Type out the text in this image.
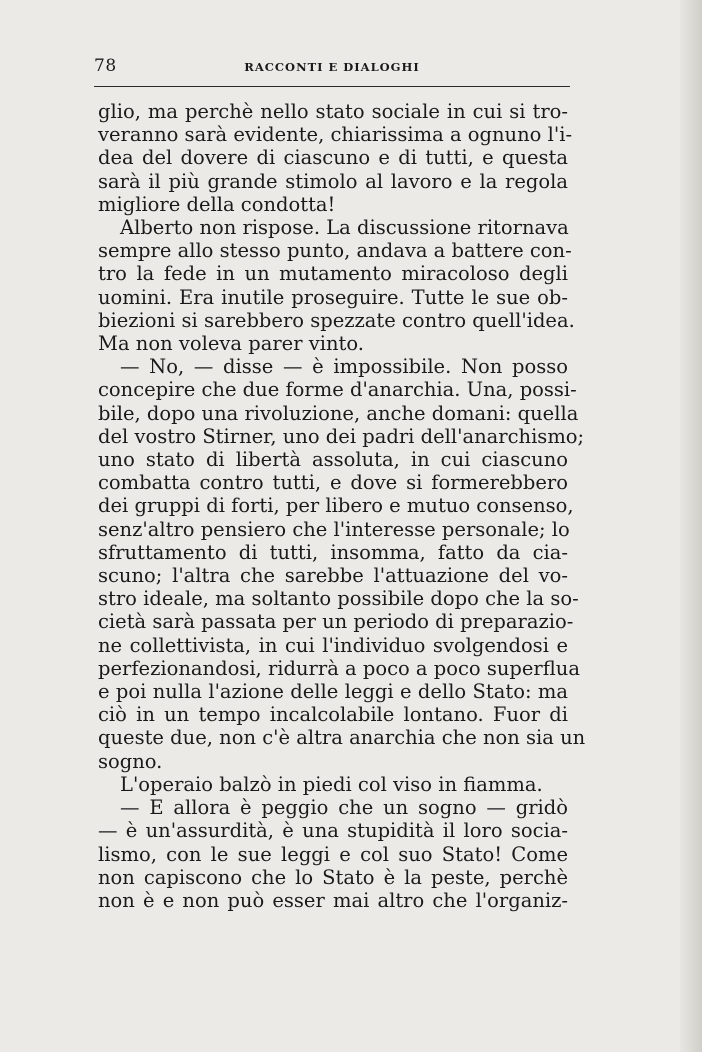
78	RACCONTI E DIALOGHI
glio, ma perchè nello stato sociale in cui si tro-
veranno sarà evidente, chiarissima a ognuno l'i-
dea del dovere di ciascuno e di tutti, e questa
sarà il più grande stimolo al lavoro e la regola
migliore della condotta!
Alberto non rispose. La discussione ritornava
sempre allo stesso punto, andava a battere con-
tro la fede in un mutamento miracoloso degli
uomini. Era inutile proseguire. Tutte le sue ob-
biezioni si sarebbero spezzate contro quell'idea.
Ma non voleva parer vinto.
— No, — disse — è impossibile. Non posso
concepire che due forme d'anarchia. Una, possi-
bile, dopo una rivoluzione, anche domani: quella
del vostro Stirner, uno dei padri dell'anarchismo;
uno stato di libertà assoluta, in cui ciascuno
combatta contro tutti, e dove si formerebbero
dei gruppi di forti, per libero e mutuo consenso,
senz'altro pensiero che l'interesse personale; lo
sfruttamento di tutti, insomma, fatto da cia-
scuno; l'altra che sarebbe l'attuazione del vo-
stro ideale, ma soltanto possibile dopo che la so-
cietà sarà passata per un periodo di preparazio-
ne collettivista, in cui l'individuo svolgendosi e
perfezionandosi, ridurrà a poco a poco superflua
e poi nulla l'azione delle leggi e dello Stato: ma
ciò in un tempo incalcolabile lontano. Fuor di
queste due, non c'è altra anarchia che non sia un
sogno.
L'operaio balzò in piedi col viso in fiamma.
— E allora è peggio che un sogno — gridò
— è un'assurdità, è una stupidità il loro socia-
lismo, con le sue leggi e col suo Stato! Come
non capiscono che lo Stato è la peste, perchè
non è e non può esser mai altro che l'organiz-
